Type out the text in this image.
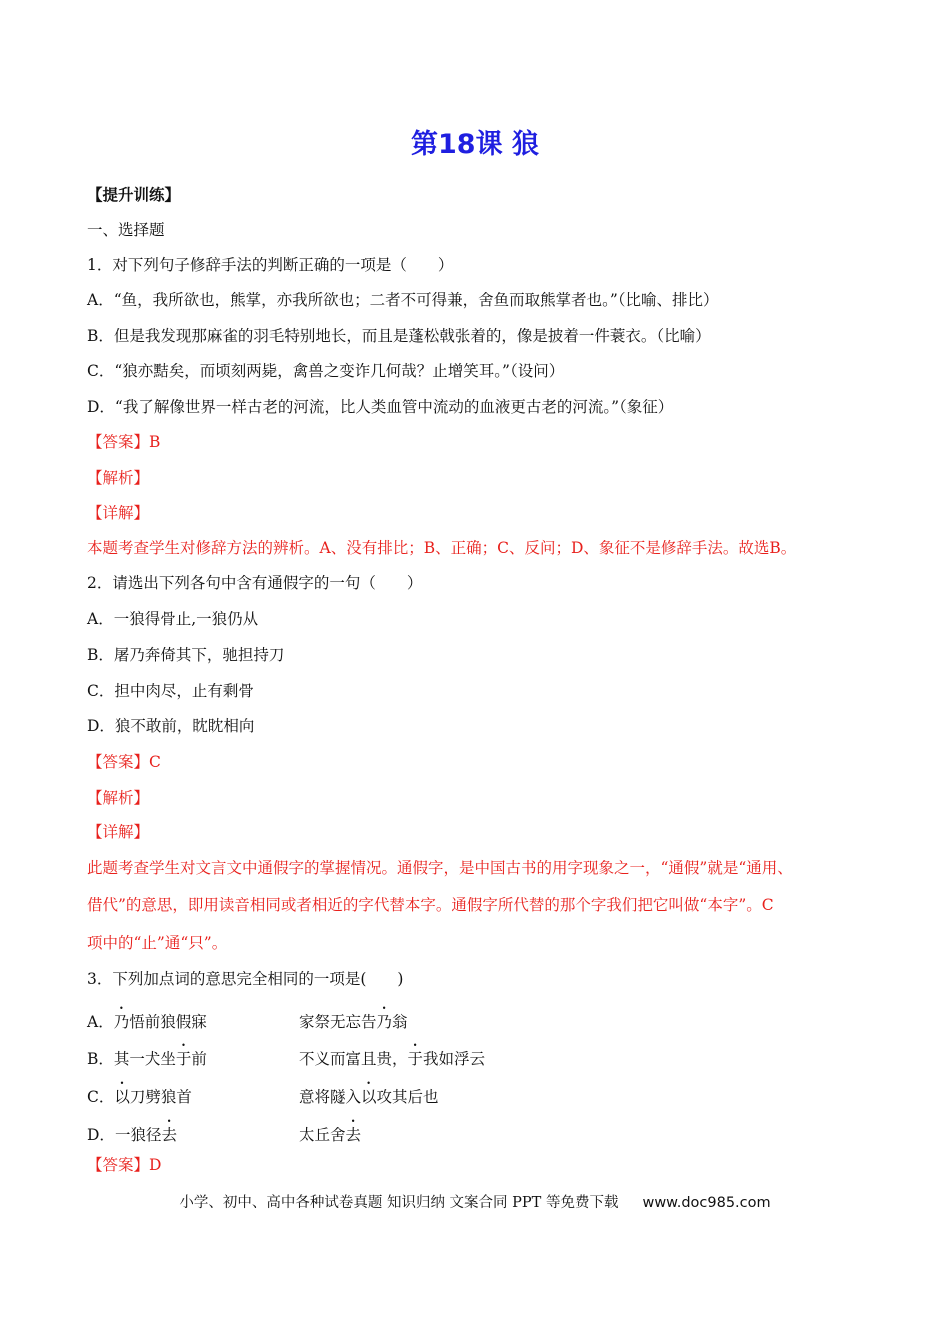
第18课 狼
【提升训练】
一、选择题
1．对下列句子修辞手法的判断正确的一项是（　　）
A．“鱼，我所欲也，熊掌，亦我所欲也；二者不可得兼，舍鱼而取熊掌者也。”（比喻、排比）
B．但是我发现那麻雀的羽毛特别地长，而且是蓬松戟张着的，像是披着一件蓑衣。（比喻）
C．“狼亦黠矣，而顷刻两毙，禽兽之变诈几何哉？止增笑耳。”（设问）
D．“我了解像世界一样古老的河流，比人类血管中流动的血液更古老的河流。”（象征）
【答案】B
【解析】
【详解】
本题考查学生对修辞方法的辨析。A、没有排比；B、正确；C、反问；D、象征不是修辞手法。故选B。
2．请选出下列各句中含有通假字的一句（　　）
A．一狼得骨止,一狼仍从
B．屠乃奔倚其下，驰担持刀
C．担中肉尽，止有剩骨
D．狼不敢前，眈眈相向
【答案】C
【解析】
【详解】
此题考查学生对文言文中通假字的掌握情况。通假字，是中国古书的用字现象之一，“通假”就是“通用、
借代”的意思，即用读音相同或者相近的字代替本字。通假字所代替的那个字我们把它叫做“本字”。C
项中的“止”通“只”。
3．下列加点词的意思完全相同的一项是(　　)
A．乃悟前狼假寐	家祭无忘告乃翁
B．其一犬坐于前	不义而富且贵，于我如浮云
C．以刀劈狼首	意将隧入以攻其后也
D．一狼径去	太丘舍去
【答案】D
小学、初中、高中各种试卷真题 知识归纳 文案合同 PPT 等免费下载 www.doc985.com
